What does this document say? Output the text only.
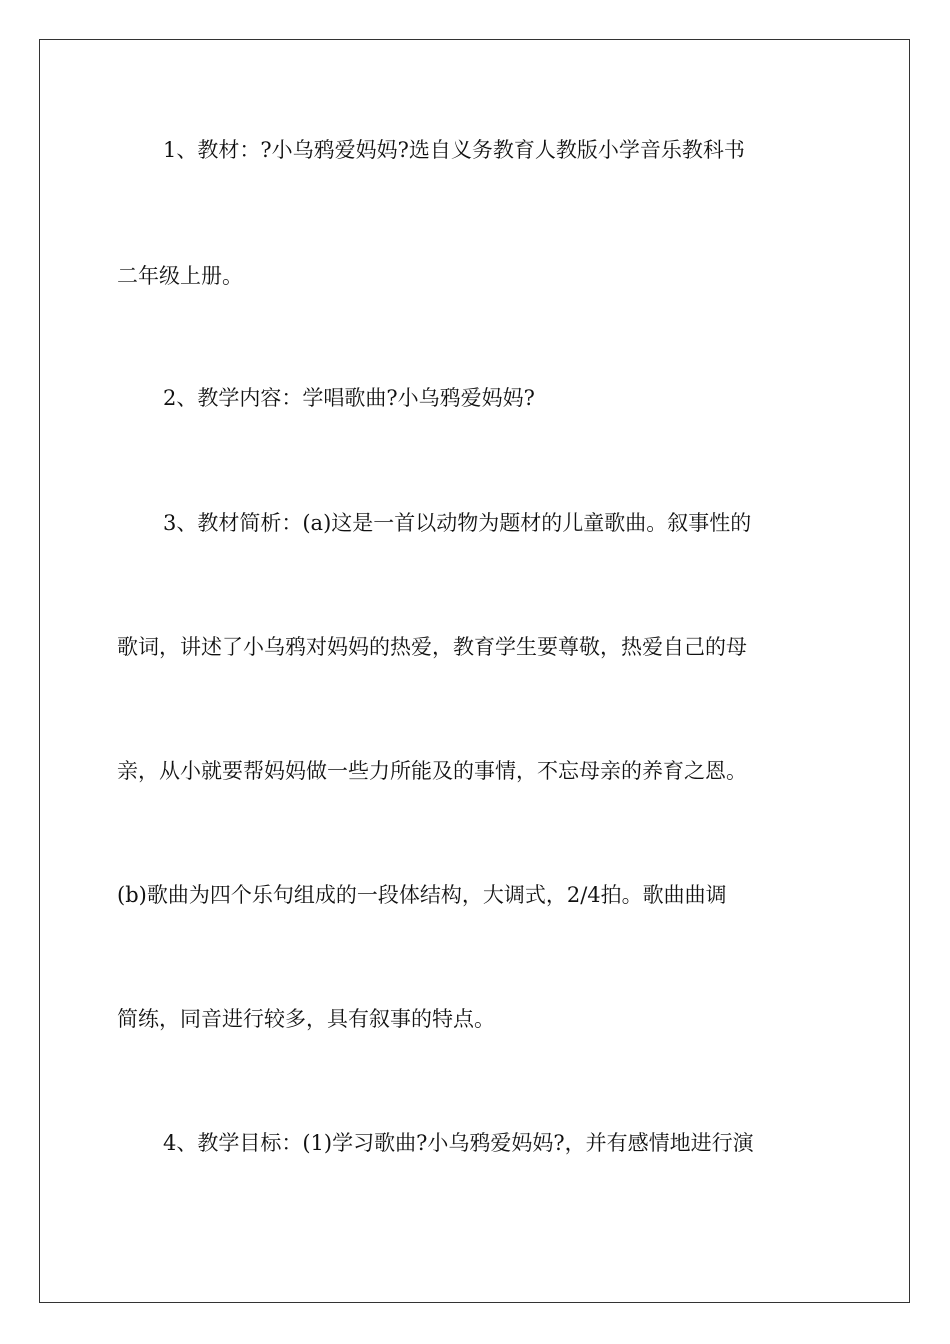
1、教材：?小乌鸦爱妈妈?选自义务教育人教版小学音乐教科书
二年级上册。
2、教学内容：学唱歌曲?小乌鸦爱妈妈?
3、教材简析：(a)这是一首以动物为题材的儿童歌曲。叙事性的
歌词，讲述了小乌鸦对妈妈的热爱，教育学生要尊敬，热爱自己的母
亲，从小就要帮妈妈做一些力所能及的事情，不忘母亲的养育之恩。
(b)歌曲为四个乐句组成的一段体结构，大调式，2/4拍。歌曲曲调
简练，同音进行较多，具有叙事的特点。
4、教学目标：(1)学习歌曲?小乌鸦爱妈妈?，并有感情地进行演
